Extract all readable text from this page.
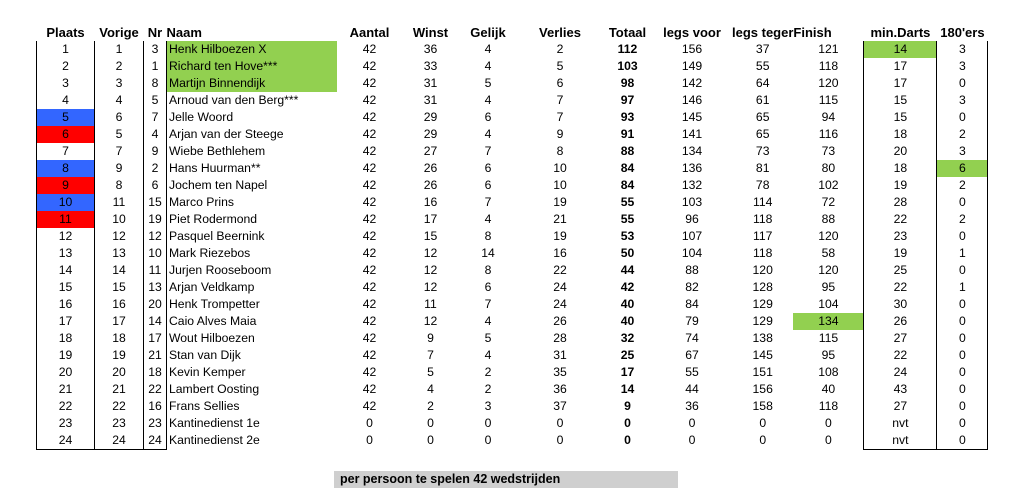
Plaats	Vorige	Nr	Naam	Aantal	Winst	Gelijk	Verlies	Totaal	legs voor	legs teger	Finish	min.Darts	180'ers
1	1	3	Henk Hilboezen X	42	36	4	2	112	156	37	121	14	3
2	2	1	Richard ten Hove***	42	33	4	5	103	149	55	118	17	3
3	3	8	Martijn Binnendijk	42	31	5	6	98	142	64	120	17	0
4	4	5	Arnoud van den Berg***	42	31	4	7	97	146	61	115	15	3
5	6	7	Jelle Woord	42	29	6	7	93	145	65	94	15	0
6	5	4	Arjan van der Steege	42	29	4	9	91	141	65	116	18	2
7	7	9	Wiebe Bethlehem	42	27	7	8	88	134	73	73	20	3
8	9	2	Hans Huurman**	42	26	6	10	84	136	81	80	18	6
9	8	6	Jochem ten Napel	42	26	6	10	84	132	78	102	19	2
10	11	15	Marco Prins	42	16	7	19	55	103	114	72	28	0
11	10	19	Piet Rodermond	42	17	4	21	55	96	118	88	22	2
12	12	12	Pasquel Beernink	42	15	8	19	53	107	117	120	23	0
13	13	10	Mark Riezebos	42	12	14	16	50	104	118	58	19	1
14	14	11	Jurjen Rooseboom	42	12	8	22	44	88	120	120	25	0
15	15	13	Arjan Veldkamp	42	12	6	24	42	82	128	95	22	1
16	16	20	Henk Trompetter	42	11	7	24	40	84	129	104	30	0
17	17	14	Caio Alves Maia	42	12	4	26	40	79	129	134	26	0
18	18	17	Wout Hilboezen	42	9	5	28	32	74	138	115	27	0
19	19	21	Stan van Dijk	42	7	4	31	25	67	145	95	22	0
20	20	18	Kevin Kemper	42	5	2	35	17	55	151	108	24	0
21	21	22	Lambert Oosting	42	4	2	36	14	44	156	40	43	0
22	22	16	Frans Sellies	42	2	3	37	9	36	158	118	27	0
23	23	23	Kantinedienst 1e	0	0	0	0	0	0	0	0	nvt	0
24	24	24	Kantinedienst 2e	0	0	0	0	0	0	0	0	nvt	0
per persoon te spelen 42 wedstrijden
